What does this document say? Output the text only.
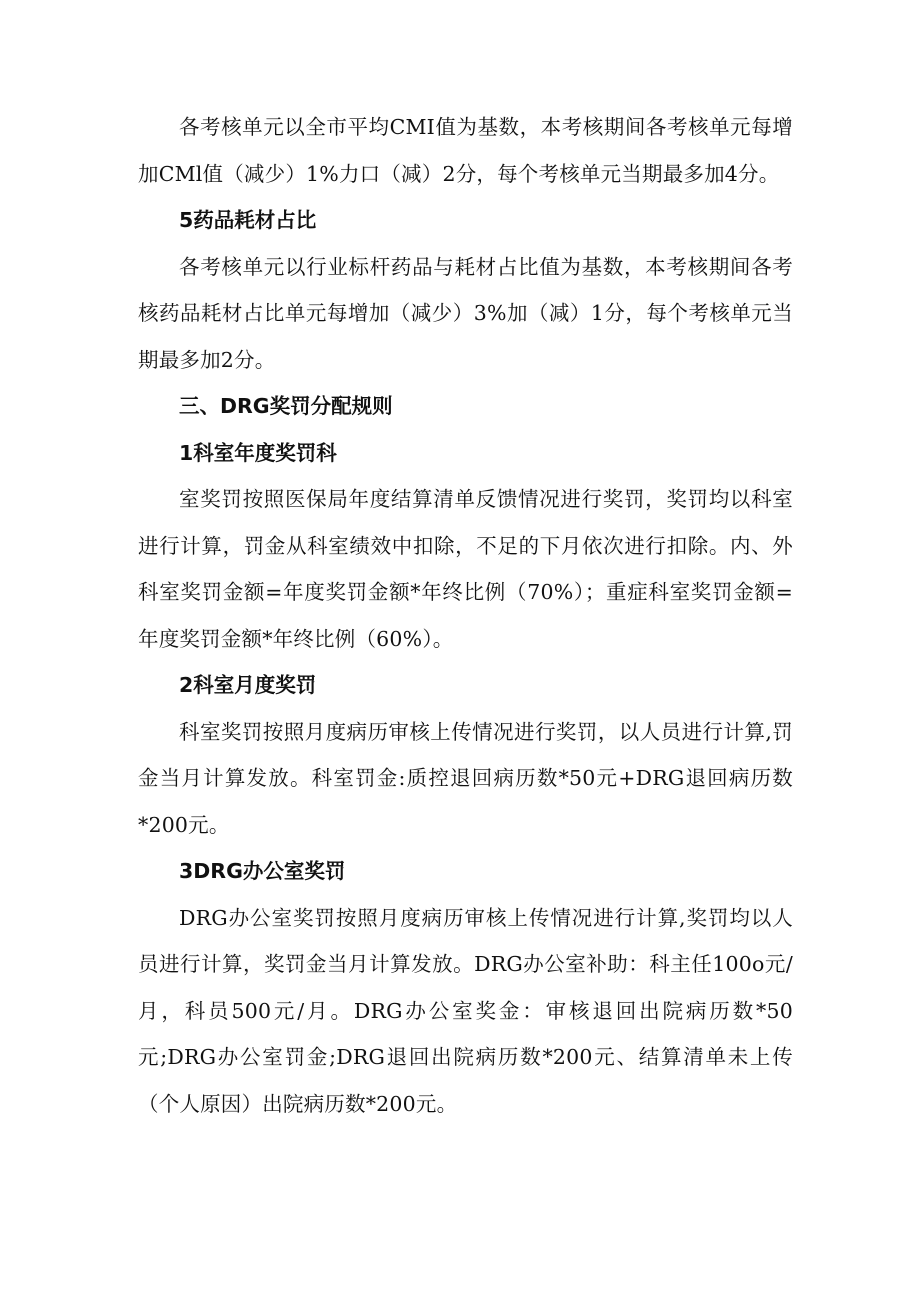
各考核单元以全市平均CMI值为基数，本考核期间各考核单元每增加CMl值（减少）1%力口（减）2分，每个考核单元当期最多加4分。

5药品耗材占比

各考核单元以行业标杆药品与耗材占比值为基数，本考核期间各考核药品耗材占比单元每增加（减少）3%加（减）1分，每个考核单元当期最多加2分。

三、DRG奖罚分配规则

1科室年度奖罚科

室奖罚按照医保局年度结算清单反馈情况进行奖罚，奖罚均以科室进行计算，罚金从科室绩效中扣除，不足的下月依次进行扣除。内、外科室奖罚金额=年度奖罚金额*年终比例（70%）；重症科室奖罚金额=年度奖罚金额*年终比例（60%）。

2科室月度奖罚

科室奖罚按照月度病历审核上传情况进行奖罚，以人员进行计算,罚金当月计算发放。科室罚金:质控退回病历数*50元+DRG退回病历数*200元。

3DRG办公室奖罚

DRG办公室奖罚按照月度病历审核上传情况进行计算,奖罚均以人员进行计算，奖罚金当月计算发放。DRG办公室补助：科主任100o元/月，科员500元/月。DRG办公室奖金：审核退回出院病历数*50元;DRG办公室罚金;DRG退回出院病历数*200元、结算清单未上传（个人原因）出院病历数*200元。
